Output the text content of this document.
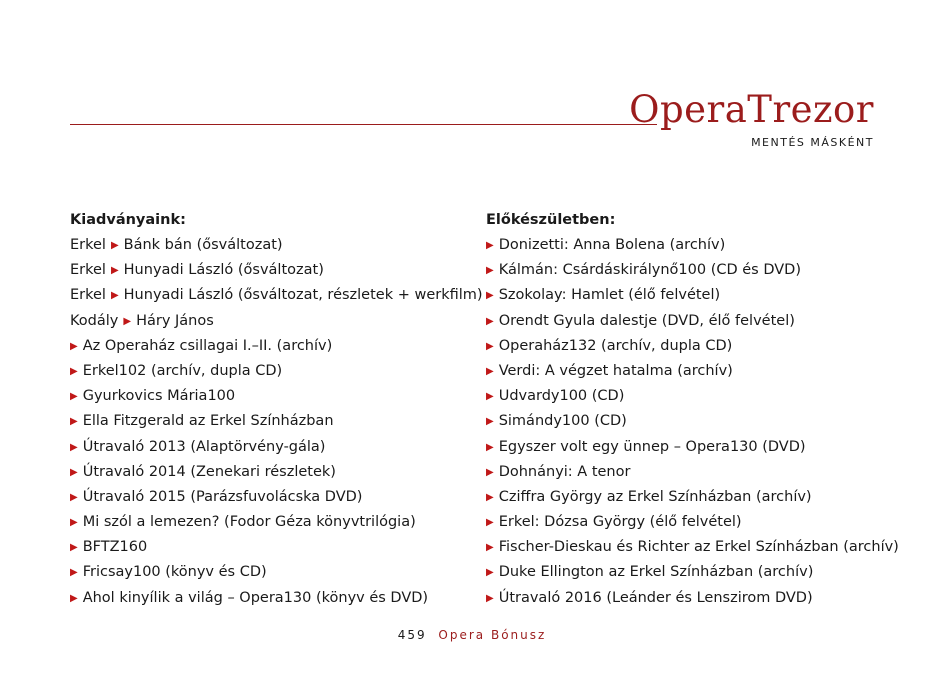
OperaTrezor
MENTÉS MÁSKÉNT
Kiadványaink:
Erkel ▶ Bánk bán (ősváltozat)
Erkel ▶ Hunyadi László (ősváltozat)
Erkel ▶ Hunyadi László (ősváltozat, részletek + werkfilm)
Kodály ▶ Háry János
▶ Az Operaház csillagai I.–II. (archív)
▶ Erkel102 (archív, dupla CD)
▶ Gyurkovics Mária100
▶ Ella Fitzgerald az Erkel Színházban
▶ Útravaló 2013 (Alaptörvény-gála)
▶ Útravaló 2014 (Zenekari részletek)
▶ Útravaló 2015 (Parázsfuvolácska DVD)
▶ Mi szól a lemezen? (Fodor Géza könyvtrilógia)
▶ BFTZ160
▶ Fricsay100 (könyv és CD)
▶ Ahol kinyílik a világ – Opera130 (könyv és DVD)
Előkészületben:
▶ Donizetti: Anna Bolena (archív)
▶ Kálmán: Csárdáskirálynő100 (CD és DVD)
▶ Szokolay: Hamlet (élő felvétel)
▶ Orendt Gyula dalestje (DVD, élő felvétel)
▶ Operaház132 (archív, dupla CD)
▶ Verdi: A végzet hatalma (archív)
▶ Udvardy100 (CD)
▶ Simándy100 (CD)
▶ Egyszer volt egy ünnep – Opera130 (DVD)
▶ Dohnányi: A tenor
▶ Cziffra György az Erkel Színházban (archív)
▶ Erkel: Dózsa György (élő felvétel)
▶ Fischer-Dieskau és Richter az Erkel Színházban (archív)
▶ Duke Ellington az Erkel Színházban (archív)
▶ Útravaló 2016 (Leánder és Lenszirom DVD)
459 Opera Bónusz
